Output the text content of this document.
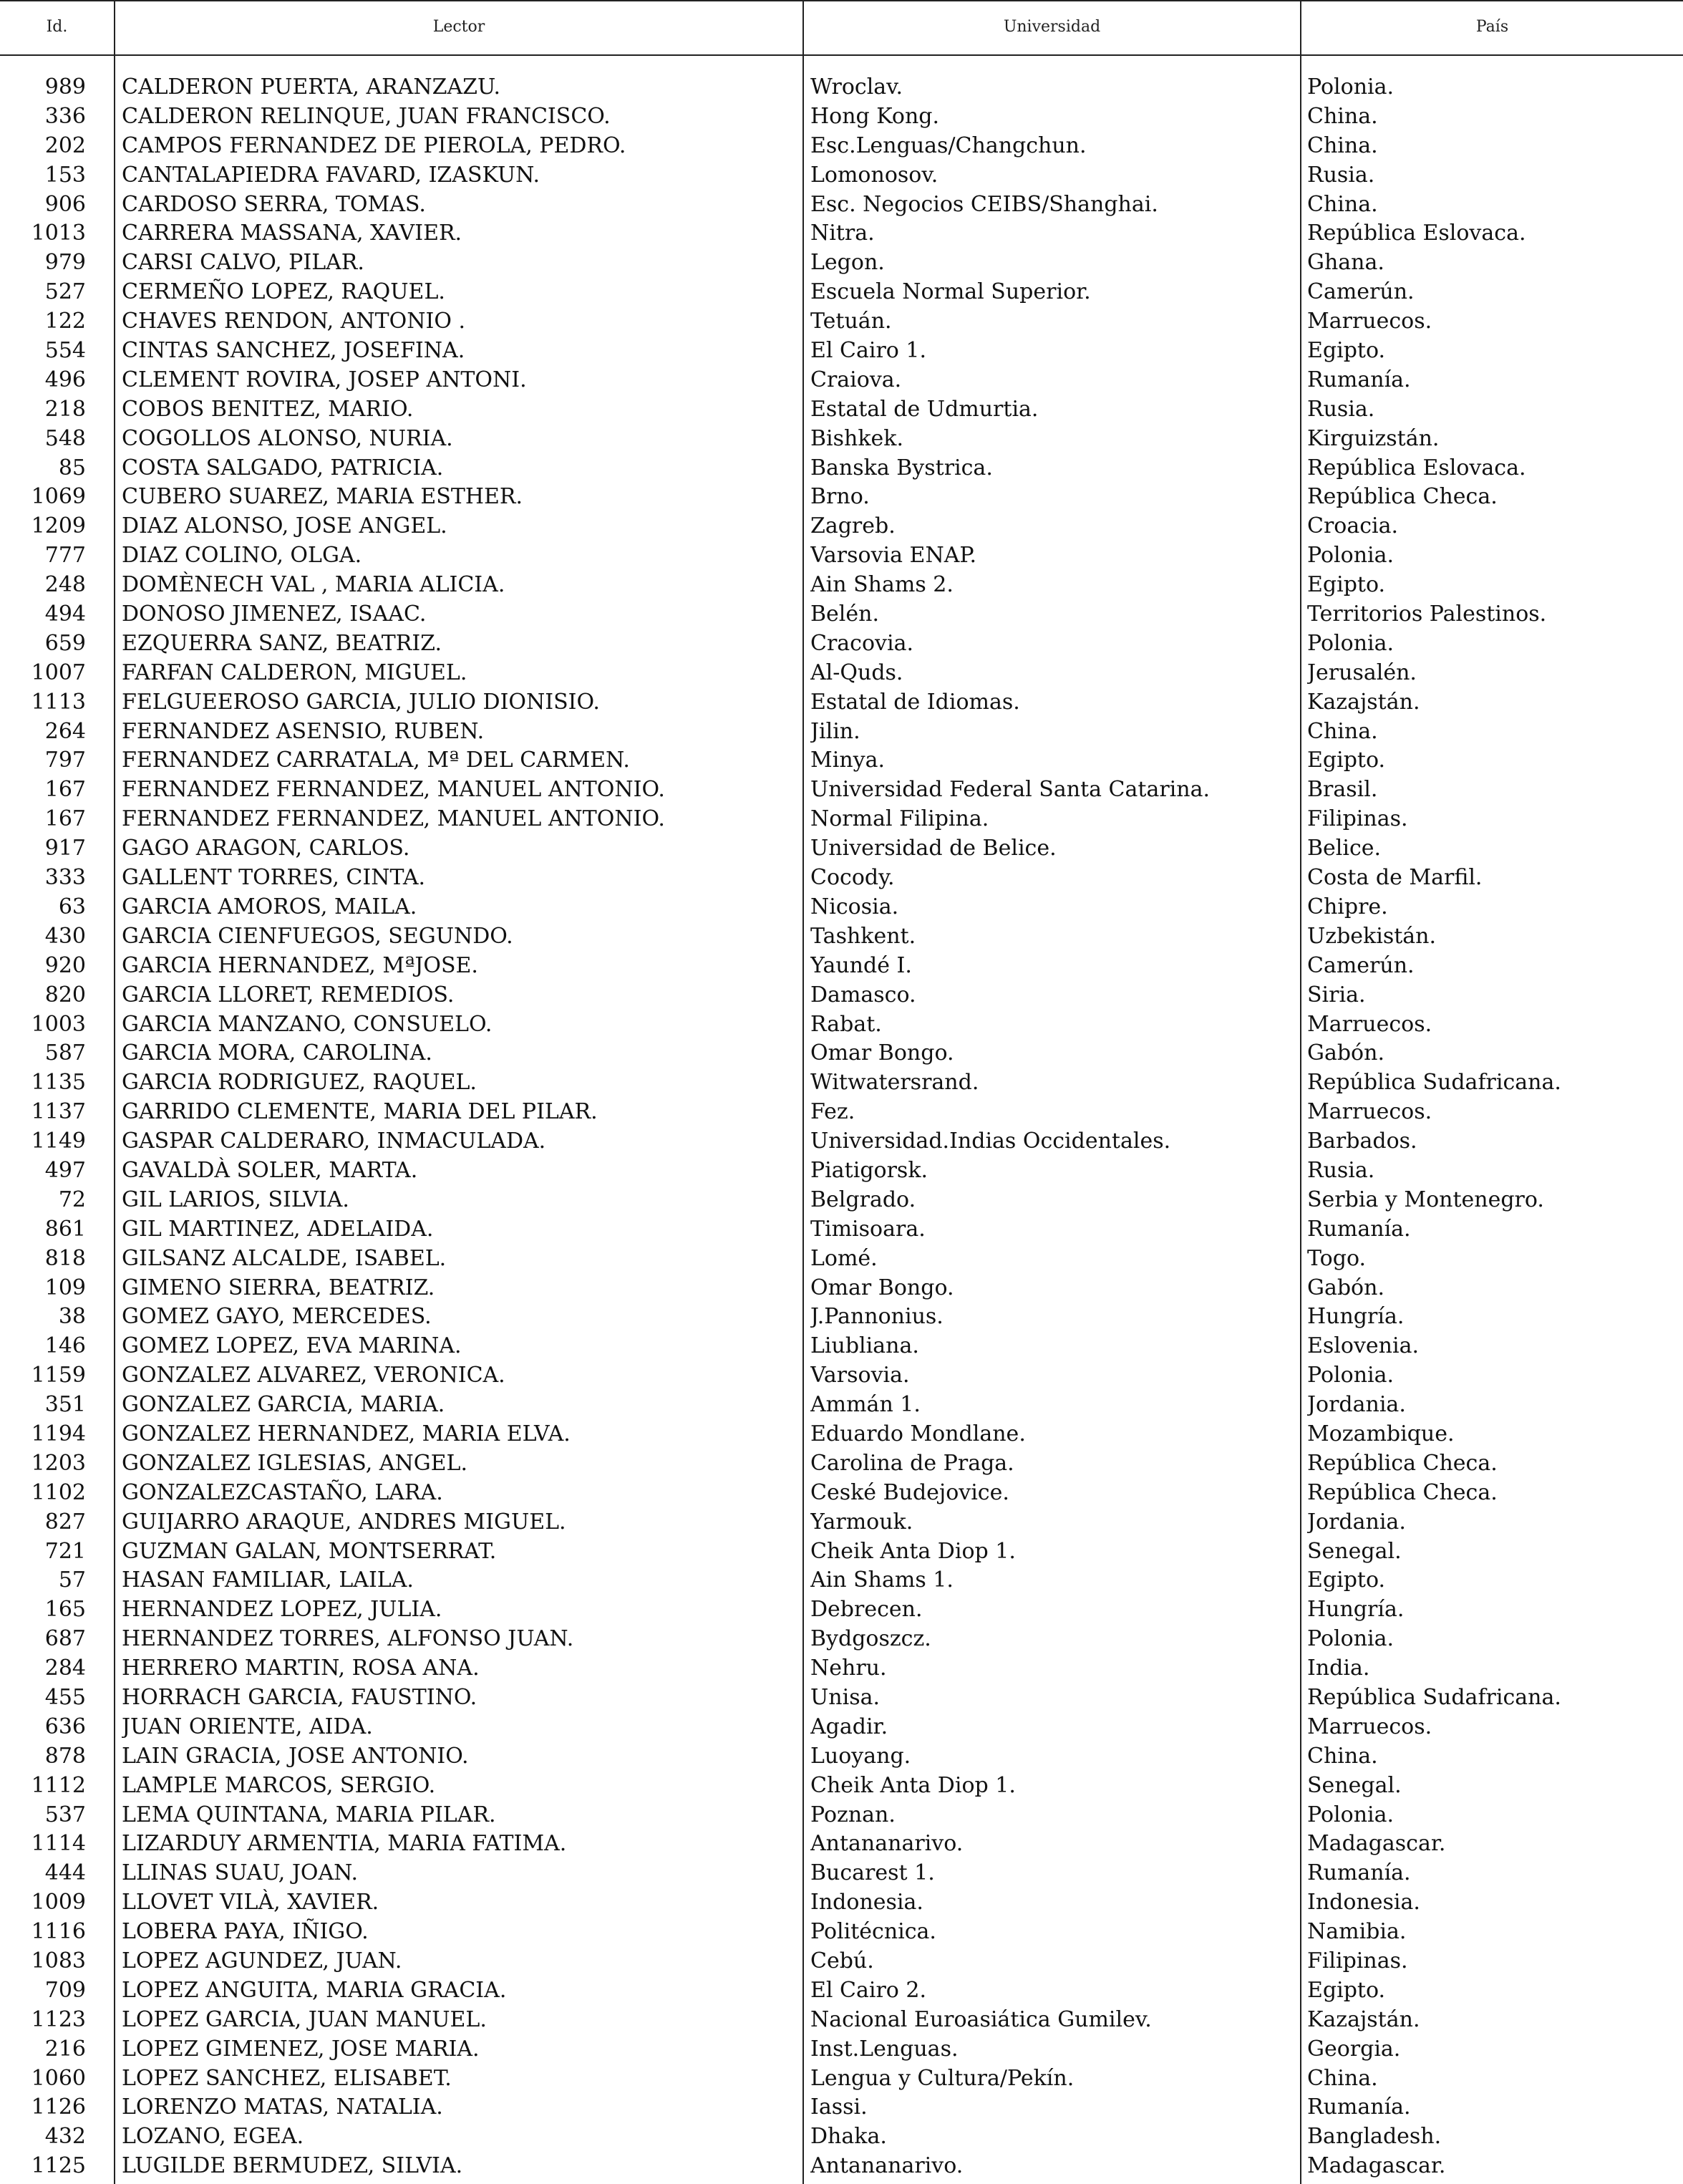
Id.	Lector	Universidad	País
989 CALDERON PUERTA, ARANZAZU.	Wroclav.	Polonia.
336 CALDERON RELINQUE, JUAN FRANCISCO.	Hong Kong.	China.
202 CAMPOS FERNANDEZ DE PIEROLA, PEDRO.	Esc.Lenguas/Changchun.	China.
153 CANTALAPIEDRA FAVARD, IZASKUN.	Lomonosov.	Rusia.
906 CARDOSO SERRA, TOMAS.	Esc. Negocios CEIBS/Shanghai.	China.
1013 CARRERA MASSANA, XAVIER.	Nitra.	República Eslovaca.
979 CARSI CALVO, PILAR.	Legon.	Ghana.
527 CERMEÑO LOPEZ, RAQUEL.	Escuela Normal Superior.	Camerún.
122 CHAVES RENDON, ANTONIO .	Tetuán.	Marruecos.
554 CINTAS SANCHEZ, JOSEFINA.	El Cairo 1.	Egipto.
496 CLEMENT ROVIRA, JOSEP ANTONI.	Craiova.	Rumanía.
218 COBOS BENITEZ, MARIO.	Estatal de Udmurtia.	Rusia.
548 COGOLLOS ALONSO, NURIA.	Bishkek.	Kirguizstán.
85 COSTA SALGADO, PATRICIA.	Banska Bystrica.	República Eslovaca.
1069 CUBERO SUAREZ, MARIA ESTHER.	Brno.	República Checa.
1209 DIAZ ALONSO, JOSE ANGEL.	Zagreb.	Croacia.
777 DIAZ COLINO, OLGA.	Varsovia ENAP.	Polonia.
248 DOMÈNECH VAL , MARIA ALICIA.	Ain Shams 2.	Egipto.
494 DONOSO JIMENEZ, ISAAC.	Belén.	Territorios Palestinos.
659 EZQUERRA SANZ, BEATRIZ.	Cracovia.	Polonia.
1007 FARFAN CALDERON, MIGUEL.	Al-Quds.	Jerusalén.
1113 FELGUEEROSO GARCIA, JULIO DIONISIO.	Estatal de Idiomas.	Kazajstán.
264 FERNANDEZ ASENSIO, RUBEN.	Jilin.	China.
797 FERNANDEZ CARRATALA, Mª DEL CARMEN.	Minya.	Egipto.
167 FERNANDEZ FERNANDEZ, MANUEL ANTONIO.	Universidad Federal Santa Catarina.	Brasil.
167 FERNANDEZ FERNANDEZ, MANUEL ANTONIO.	Normal Filipina.	Filipinas.
917 GAGO ARAGON, CARLOS.	Universidad de Belice.	Belice.
333 GALLENT TORRES, CINTA.	Cocody.	Costa de Marfil.
63 GARCIA AMOROS, MAILA.	Nicosia.	Chipre.
430 GARCIA CIENFUEGOS, SEGUNDO.	Tashkent.	Uzbekistán.
920 GARCIA HERNANDEZ, MªJOSE.	Yaundé I.	Camerún.
820 GARCIA LLORET, REMEDIOS.	Damasco.	Siria.
1003 GARCIA MANZANO, CONSUELO.	Rabat.	Marruecos.
587 GARCIA MORA, CAROLINA.	Omar Bongo.	Gabón.
1135 GARCIA RODRIGUEZ, RAQUEL.	Witwatersrand.	República Sudafricana.
1137 GARRIDO CLEMENTE, MARIA DEL PILAR.	Fez.	Marruecos.
1149 GASPAR CALDERARO, INMACULADA.	Universidad.Indias Occidentales.	Barbados.
497 GAVALDÀ SOLER, MARTA.	Piatigorsk.	Rusia.
72 GIL LARIOS, SILVIA.	Belgrado.	Serbia y Montenegro.
861 GIL MARTINEZ, ADELAIDA.	Timisoara.	Rumanía.
818 GILSANZ ALCALDE, ISABEL.	Lomé.	Togo.
109 GIMENO SIERRA, BEATRIZ.	Omar Bongo.	Gabón.
38 GOMEZ GAYO, MERCEDES.	J.Pannonius.	Hungría.
146 GOMEZ LOPEZ, EVA MARINA.	Liubliana.	Eslovenia.
1159 GONZALEZ ALVAREZ, VERONICA.	Varsovia.	Polonia.
351 GONZALEZ GARCIA, MARIA.	Ammán 1.	Jordania.
1194 GONZALEZ HERNANDEZ, MARIA ELVA.	Eduardo Mondlane.	Mozambique.
1203 GONZALEZ IGLESIAS, ANGEL.	Carolina de Praga.	República Checa.
1102 GONZALEZCASTAÑO, LARA.	Ceské Budejovice.	República Checa.
827 GUIJARRO ARAQUE, ANDRES MIGUEL.	Yarmouk.	Jordania.
721 GUZMAN GALAN, MONTSERRAT.	Cheik Anta Diop 1.	Senegal.
57 HASAN FAMILIAR, LAILA.	Ain Shams 1.	Egipto.
165 HERNANDEZ LOPEZ, JULIA.	Debrecen.	Hungría.
687 HERNANDEZ TORRES, ALFONSO JUAN.	Bydgoszcz.	Polonia.
284 HERRERO MARTIN, ROSA ANA.	Nehru.	India.
455 HORRACH GARCIA, FAUSTINO.	Unisa.	República Sudafricana.
636 JUAN ORIENTE, AIDA.	Agadir.	Marruecos.
878 LAIN GRACIA, JOSE ANTONIO.	Luoyang.	China.
1112 LAMPLE MARCOS, SERGIO.	Cheik Anta Diop 1.	Senegal.
537 LEMA QUINTANA, MARIA PILAR.	Poznan.	Polonia.
1114 LIZARDUY ARMENTIA, MARIA FATIMA.	Antananarivo.	Madagascar.
444 LLINAS SUAU, JOAN.	Bucarest 1.	Rumanía.
1009 LLOVET VILÀ, XAVIER.	Indonesia.	Indonesia.
1116 LOBERA PAYA, IÑIGO.	Politécnica.	Namibia.
1083 LOPEZ AGUNDEZ, JUAN.	Cebú.	Filipinas.
709 LOPEZ ANGUITA, MARIA GRACIA.	El Cairo 2.	Egipto.
1123 LOPEZ GARCIA, JUAN MANUEL.	Nacional Euroasiática Gumilev.	Kazajstán.
216 LOPEZ GIMENEZ, JOSE MARIA.	Inst.Lenguas.	Georgia.
1060 LOPEZ SANCHEZ, ELISABET.	Lengua y Cultura/Pekín.	China.
1126 LORENZO MATAS, NATALIA.	Iassi.	Rumanía.
432 LOZANO, EGEA.	Dhaka.	Bangladesh.
1125 LUGILDE BERMUDEZ, SILVIA.	Antananarivo.	Madagascar.
